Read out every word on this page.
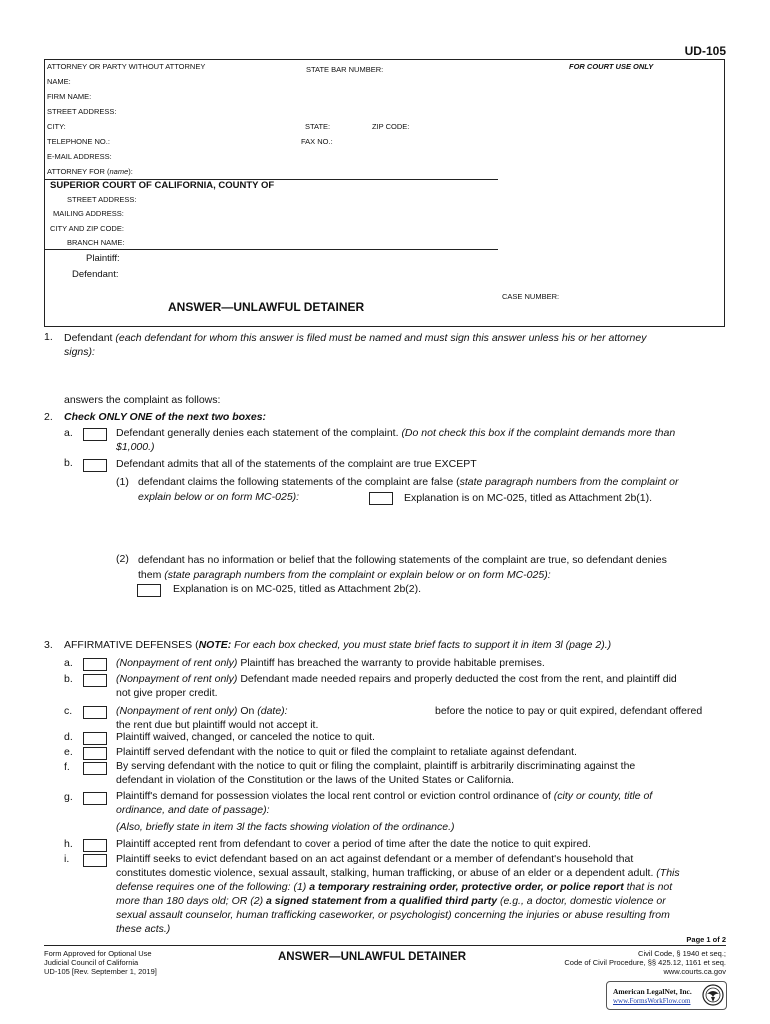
UD-105
ATTORNEY OR PARTY WITHOUT ATTORNEY	STATE BAR NUMBER:	FOR COURT USE ONLY
NAME:
FIRM NAME:
STREET ADDRESS:
CITY:	STATE:	ZIP CODE:
TELEPHONE NO.:	FAX NO.:
E-MAIL ADDRESS:
ATTORNEY FOR (name):
SUPERIOR COURT OF CALIFORNIA, COUNTY OF
STREET ADDRESS:
MAILING ADDRESS:
CITY AND ZIP CODE:
BRANCH NAME:
Plaintiff:
Defendant:
ANSWER—UNLAWFUL DETAINER
CASE NUMBER:
1. Defendant (each defendant for whom this answer is filed must be named and must sign this answer unless his or her attorney
signs):
answers the complaint as follows:
2. Check ONLY ONE of the next two boxes:
a.	Defendant generally denies each statement of the complaint. (Do not check this box if the complaint demands more than
$1,000.)
b.	Defendant admits that all of the statements of the complaint are true EXCEPT
(1) defendant claims the following statements of the complaint are false (state paragraph numbers from the complaint or
explain below or on form MC-025):	Explanation is on MC-025, titled as Attachment 2b(1).
(2) defendant has no information or belief that the following statements of the complaint are true, so defendant denies
them (state paragraph numbers from the complaint or explain below or on form MC-025):
Explanation is on MC-025, titled as Attachment 2b(2).
3. AFFIRMATIVE DEFENSES (NOTE: For each box checked, you must state brief facts to support it in item 3l (page 2).)
a.	(Nonpayment of rent only) Plaintiff has breached the warranty to provide habitable premises.
b.	(Nonpayment of rent only) Defendant made needed repairs and properly deducted the cost from the rent, and plaintiff did
not give proper credit.
c.	(Nonpayment of rent only) On (date):	before the notice to pay or quit expired, defendant offered
the rent due but plaintiff would not accept it.
d.	Plaintiff waived, changed, or canceled the notice to quit.
e.	Plaintiff served defendant with the notice to quit or filed the complaint to retaliate against defendant.
f.	By serving defendant with the notice to quit or filing the complaint, plaintiff is arbitrarily discriminating against the
defendant in violation of the Constitution or the laws of the United States or California.
g.	Plaintiff's demand for possession violates the local rent control or eviction control ordinance of (city or county, title of
ordinance, and date of passage):
(Also, briefly state in item 3l the facts showing violation of the ordinance.)
h.	Plaintiff accepted rent from defendant to cover a period of time after the date the notice to quit expired.
i.	Plaintiff seeks to evict defendant based on an act against defendant or a member of defendant's household that
constitutes domestic violence, sexual assault, stalking, human trafficking, or abuse of an elder or a dependent adult. (This
defense requires one of the following: (1) a temporary restraining order, protective order, or police report that is not
more than 180 days old; OR (2) a signed statement from a qualified third party (e.g., a doctor, domestic violence or
sexual assault counselor, human trafficking caseworker, or psychologist) concerning the injuries or abuse resulting from
these acts.)
Page 1 of 2
Form Approved for Optional Use
Judicial Council of California
UD-105 [Rev. September 1, 2019]
ANSWER—UNLAWFUL DETAINER	Civil Code, § 1940 et seq.;
Code of Civil Procedure, §§ 425.12, 1161 et seq.
www.courts.ca.gov
American LegalNet, Inc.
www.FormsWorkFlow.com
